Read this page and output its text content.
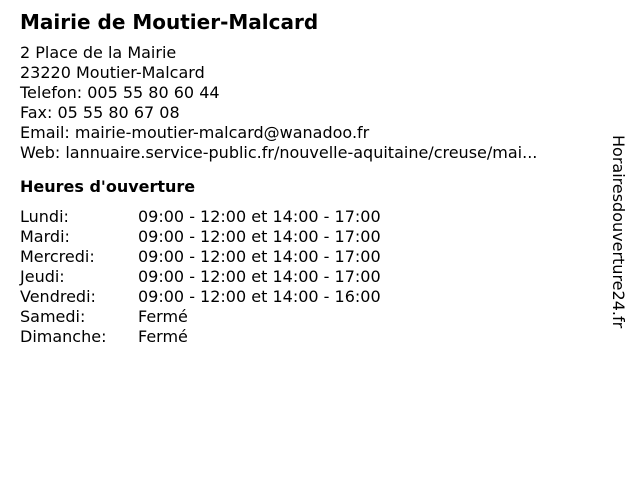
Mairie de Moutier-Malcard
2 Place de la Mairie
23220 Moutier-Malcard
Telefon: 005 55 80 60 44
Fax: 05 55 80 67 08
Email: mairie-moutier-malcard@wanadoo.fr
Web: lannuaire.service-public.fr/nouvelle-aquitaine/creuse/mai...
Heures d'ouverture
Lundi:	09:00 - 12:00 et 14:00 - 17:00
Mardi:	09:00 - 12:00 et 14:00 - 17:00
Mercredi:	09:00 - 12:00 et 14:00 - 17:00
Jeudi:	09:00 - 12:00 et 14:00 - 17:00
Vendredi:	09:00 - 12:00 et 14:00 - 16:00
Samedi:	Fermé
Dimanche:	Fermé
Horairesdouverture24.fr
